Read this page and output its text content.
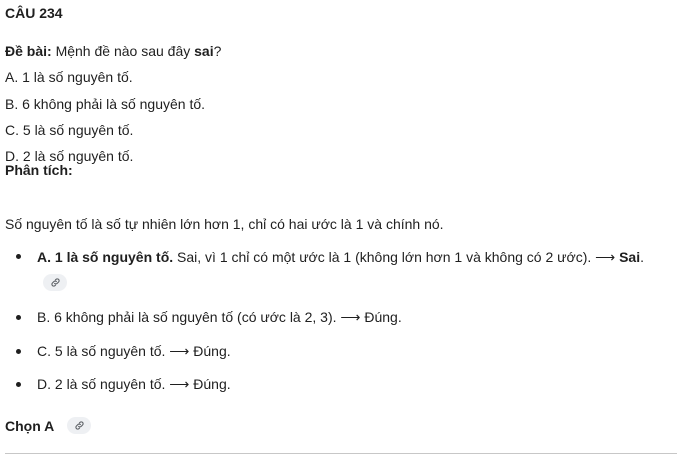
CÂU 234
Đề bài: Mệnh đề nào sau đây sai?
A. 1 là số nguyên tố.
B. 6 không phải là số nguyên tố.
C. 5 là số nguyên tố.
D. 2 là số nguyên tố.
Phân tích:
Số nguyên tố là số tự nhiên lớn hơn 1, chỉ có hai ước là 1 và chính nó.
A. 1 là số nguyên tố. Sai, vì 1 chỉ có một ước là 1 (không lớn hơn 1 và không có 2 ước). ⟶ Sai.
B. 6 không phải là số nguyên tố (có ước là 2, 3). ⟶ Đúng.
C. 5 là số nguyên tố. ⟶ Đúng.
D. 2 là số nguyên tố. ⟶ Đúng.
Chọn A
